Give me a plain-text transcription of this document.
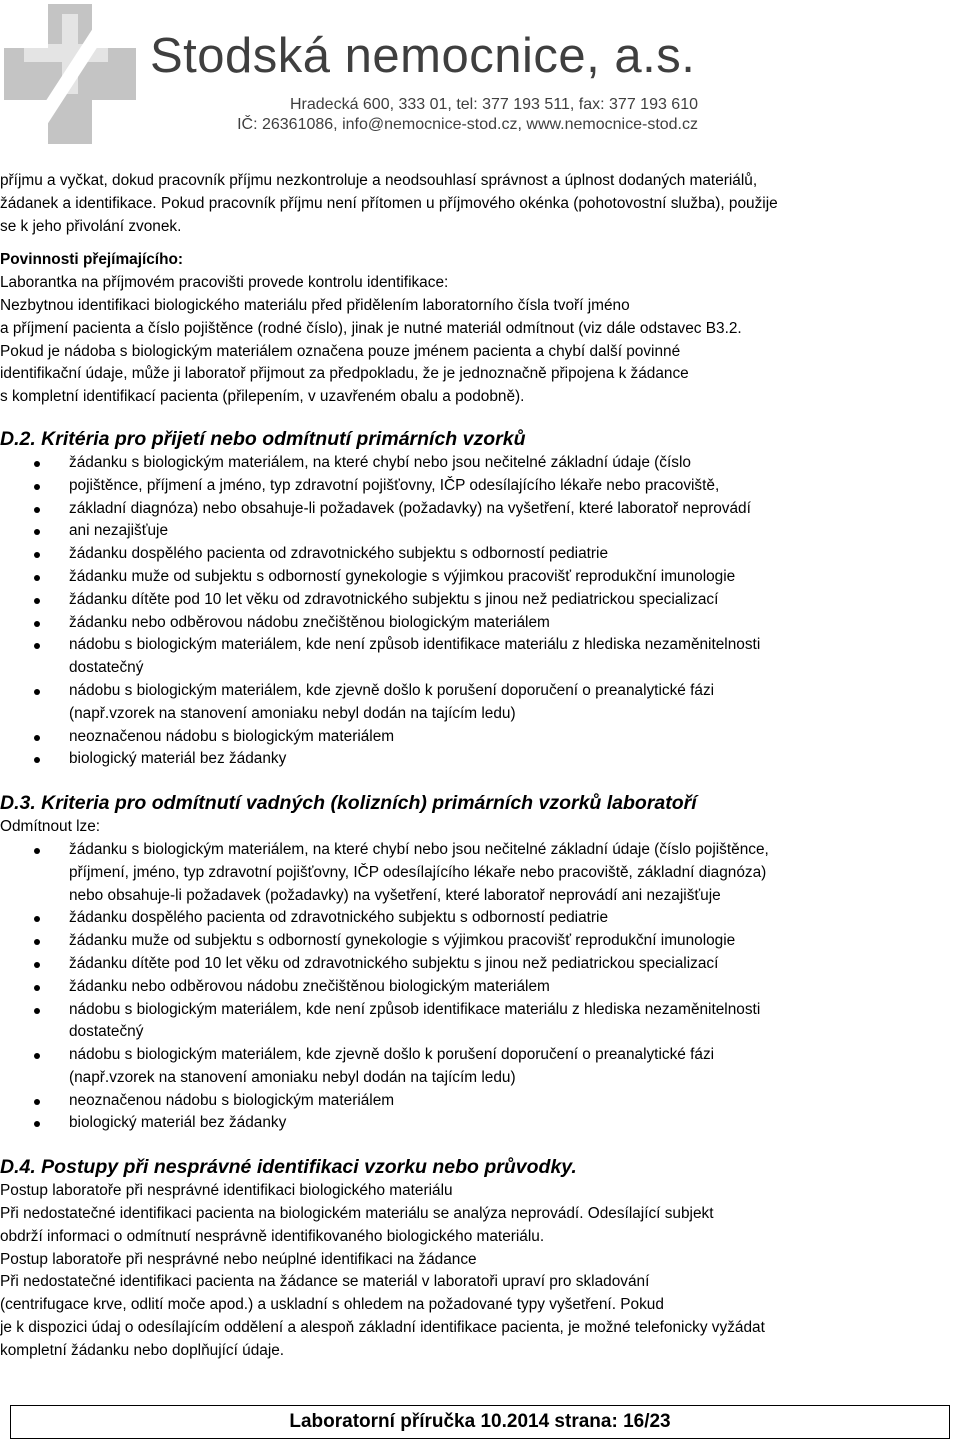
Stodská nemocnice, a.s.
Hradecká 600, 333 01, tel: 377 193 511, fax: 377 193 610
IČ: 26361086, info@nemocnice-stod.cz, www.nemocnice-stod.cz

příjmu a vyčkat, dokud pracovník příjmu nezkontroluje a neodsouhlasí správnost a úplnost dodaných materiálů,

žádanek a identifikace. Pokud pracovník příjmu není přítomen u příjmového okénka (pohotovostní služba), použije

se k jeho přivolání zvonek.

Povinnosti přejímajícího:

Laborantka na příjmovém pracovišti provede kontrolu identifikace:

Nezbytnou identifikaci biologického materiálu před přidělením laboratorního čísla tvoří jméno

a příjmení pacienta a číslo pojištěnce (rodné číslo), jinak je nutné materiál odmítnout (viz dále odstavec B3.2.

Pokud je nádoba s biologickým materiálem označena pouze jménem pacienta a chybí další povinné

identifikační údaje, může ji laboratoř přijmout za předpokladu, že je jednoznačně připojena k žádance

s kompletní identifikací pacienta (přilepením, v uzavřeném obalu a podobně).

D.2. Kritéria pro přijetí nebo odmítnutí primárních vzorků
žádanku s biologickým materiálem, na které chybí nebo jsou nečitelné základní údaje (číslo
pojištěnce, příjmení a jméno, typ zdravotní pojišťovny, IČP odesílajícího lékaře nebo pracoviště,
základní diagnóza) nebo obsahuje-li požadavek (požadavky) na vyšetření, které laboratoř neprovádí
ani nezajišťuje
žádanku dospělého pacienta od zdravotnického subjektu s odborností pediatrie
žádanku muže od subjektu s odborností gynekologie s výjimkou pracovišť reprodukční imunologie
žádanku dítěte pod 10 let věku od zdravotnického subjektu s jinou než pediatrickou specializací
žádanku nebo odběrovou nádobu znečištěnou biologickým materiálem
nádobu s biologickým materiálem, kde není způsob identifikace materiálu z hlediska nezaměnitelnosti
dostatečný
nádobu s biologickým materiálem, kde zjevně došlo k porušení doporučení o preanalytické fázi
(např.vzorek na stanovení amoniaku nebyl dodán na tajícím ledu)
neoznačenou nádobu s biologickým materiálem
biologický materiál bez žádanky
D.3. Kriteria pro odmítnutí vadných (kolizních) primárních vzorků laboratoří

Odmítnout lze:

žádanku s biologickým materiálem, na které chybí nebo jsou nečitelné základní údaje (číslo pojištěnce,
příjmení, jméno, typ zdravotní pojišťovny, IČP odesílajícího lékaře nebo pracoviště, základní diagnóza)
nebo obsahuje-li požadavek (požadavky) na vyšetření, které laboratoř neprovádí ani nezajišťuje
žádanku dospělého pacienta od zdravotnického subjektu s odborností pediatrie
žádanku muže od subjektu s odborností gynekologie s výjimkou pracovišť reprodukční imunologie
žádanku dítěte pod 10 let věku od zdravotnického subjektu s jinou než pediatrickou specializací
žádanku nebo odběrovou nádobu znečištěnou biologickým materiálem
nádobu s biologickým materiálem, kde není způsob identifikace materiálu z hlediska nezaměnitelnosti
dostatečný
nádobu s biologickým materiálem, kde zjevně došlo k porušení doporučení o preanalytické fázi
(např.vzorek na stanovení amoniaku nebyl dodán na tajícím ledu)
neoznačenou nádobu s biologickým materiálem
biologický materiál bez žádanky
D.4. Postupy při nesprávné identifikaci vzorku nebo průvodky.

Postup laboratoře při nesprávné identifikaci biologického materiálu

Při nedostatečné identifikaci pacienta na biologickém materiálu se analýza neprovádí. Odesílající subjekt

obdrží informaci o odmítnutí nesprávně identifikovaného biologického materiálu.

Postup laboratoře při nesprávné nebo neúplné identifikaci na žádance

Při nedostatečné identifikaci pacienta na žádance se materiál v laboratoři upraví pro skladování

(centrifugace krve, odlití moče apod.) a uskladní s ohledem na požadované typy vyšetření. Pokud

je k dispozici údaj o odesílajícím oddělení a alespoň základní identifikace pacienta, je možné telefonicky vyžádat

kompletní žádanku nebo doplňující údaje.

Laboratorní příručka 10.2014 strana: 16/23
